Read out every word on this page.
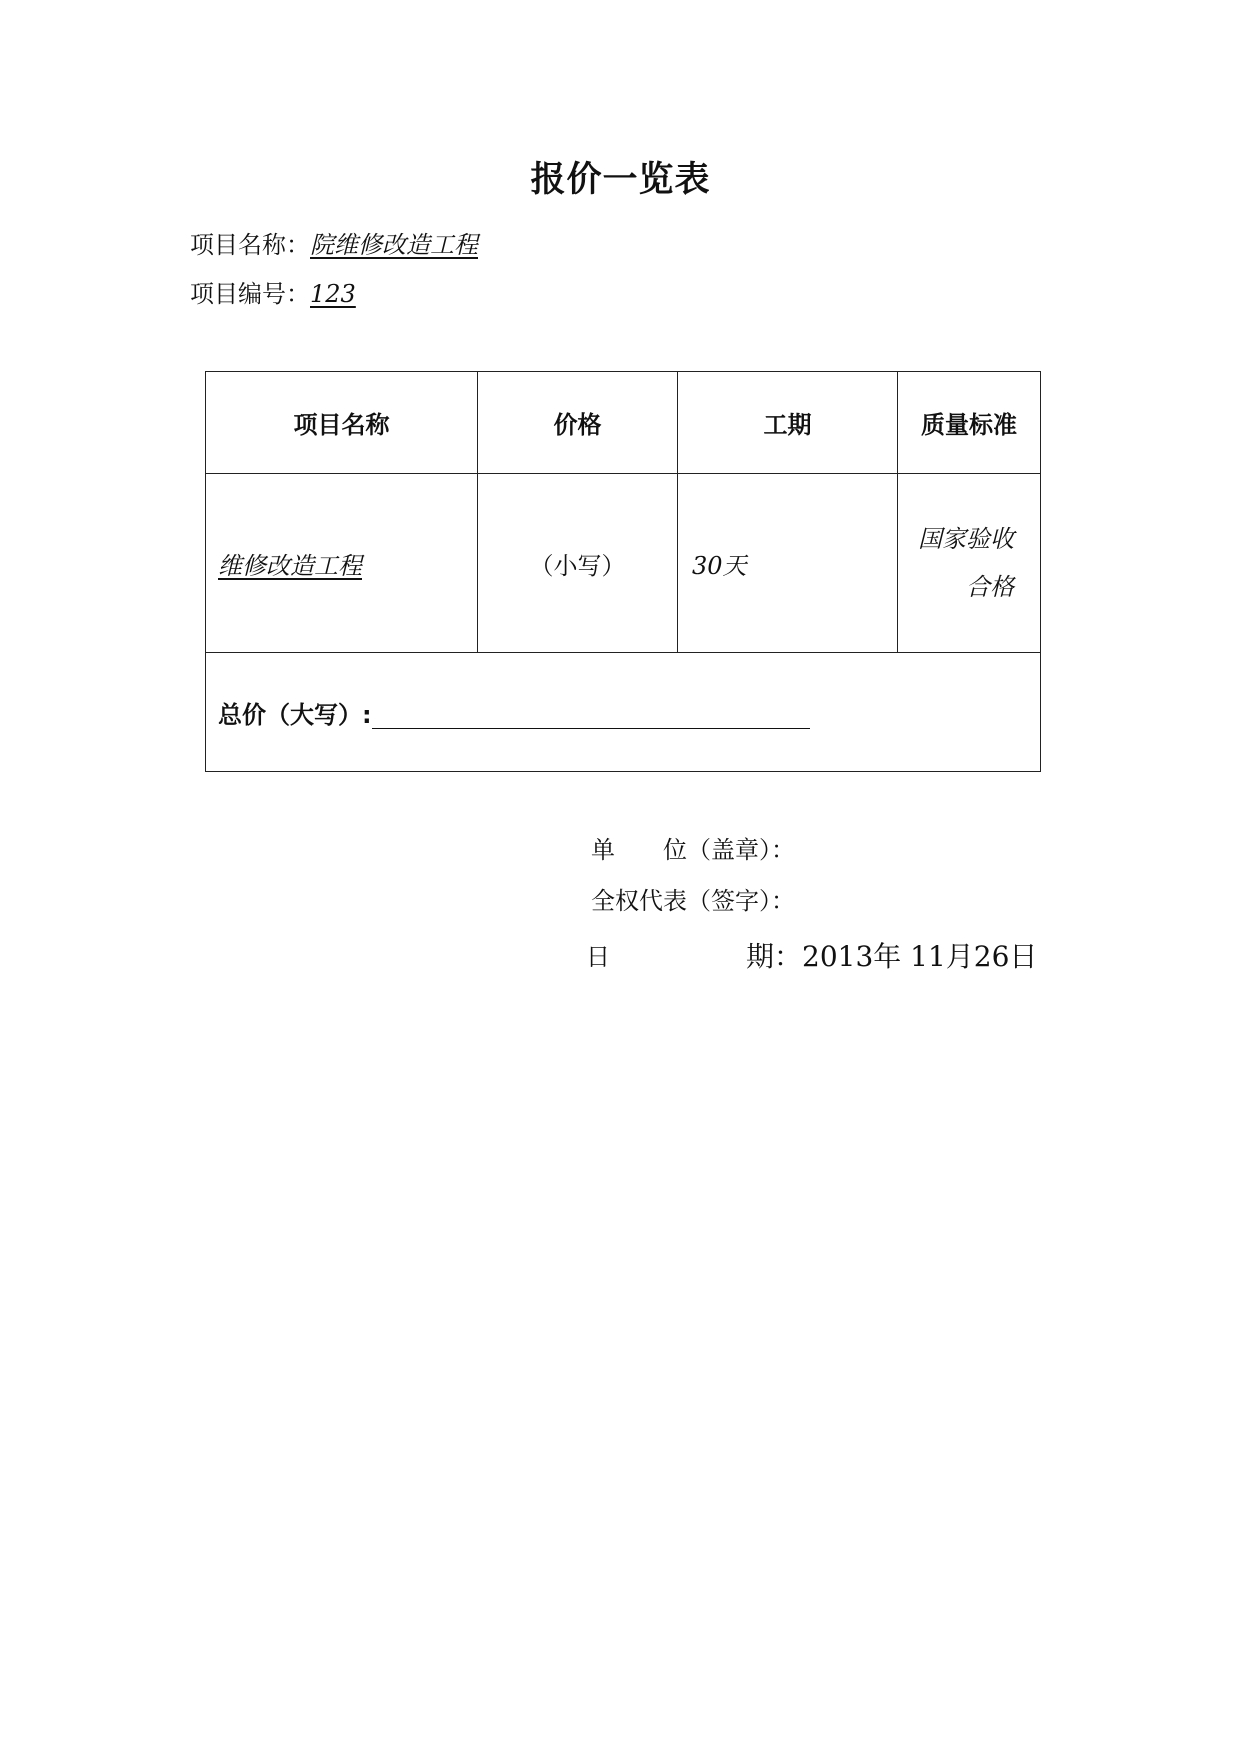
报价一览表
项目名称：院维修改造工程
项目编号：123
项目名称	价格	工期	质量标准
维修改造工程	（小写）	30天	国家验收
合格

总价（大写）:			
单　　位（盖章）：
全权代表（签字）：
日	期：2013年 11月26日
